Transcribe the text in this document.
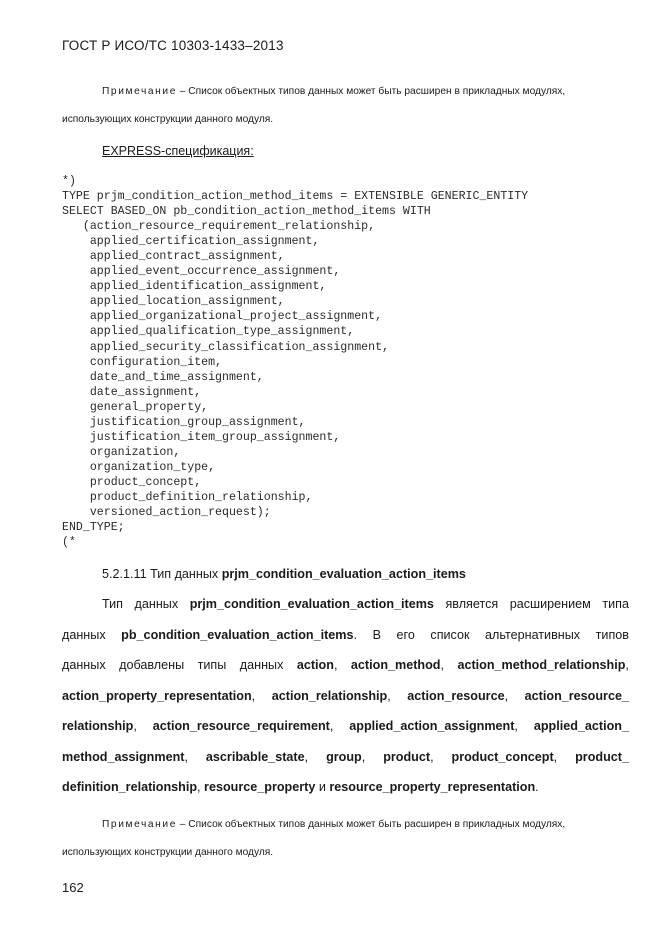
ГОСТ Р ИСО/ТС 10303-1433–2013
Примечание – Список объектных типов данных может быть расширен в прикладных модулях,
использующих конструкции данного модуля.
EXPRESS-спецификация:
*)
TYPE prjm_condition_action_method_items = EXTENSIBLE GENERIC_ENTITY
SELECT BASED_ON pb_condition_action_method_items WITH
(action_resource_requirement_relationship,
applied_certification_assignment,
applied_contract_assignment,
applied_event_occurrence_assignment,
applied_identification_assignment,
applied_location_assignment,
applied_organizational_project_assignment,
applied_qualification_type_assignment,
applied_security_classification_assignment,
configuration_item,
date_and_time_assignment,
date_assignment,
general_property,
justification_group_assignment,
justification_item_group_assignment,
organization,
organization_type,
product_concept,
product_definition_relationship,
versioned_action_request);
END_TYPE;
(*
5.2.1.11 Тип данных prjm_condition_evaluation_action_items
Тип данных prjm_condition_evaluation_action_items является расширением типа
данных pb_condition_evaluation_action_items. В его список альтернативных типов
данных добавлены типы данных action, action_method, action_method_relationship,
action_property_representation, action_relationship, action_resource, action_resource_
relationship, action_resource_requirement, applied_action_assignment, applied_action_
method_assignment, ascribable_state, group, product, product_concept, product_
definition_relationship , resource_property и resource_property_representation .
Примечание – Список объектных типов данных может быть расширен в прикладных модулях,
использующих конструкции данного модуля.
162
